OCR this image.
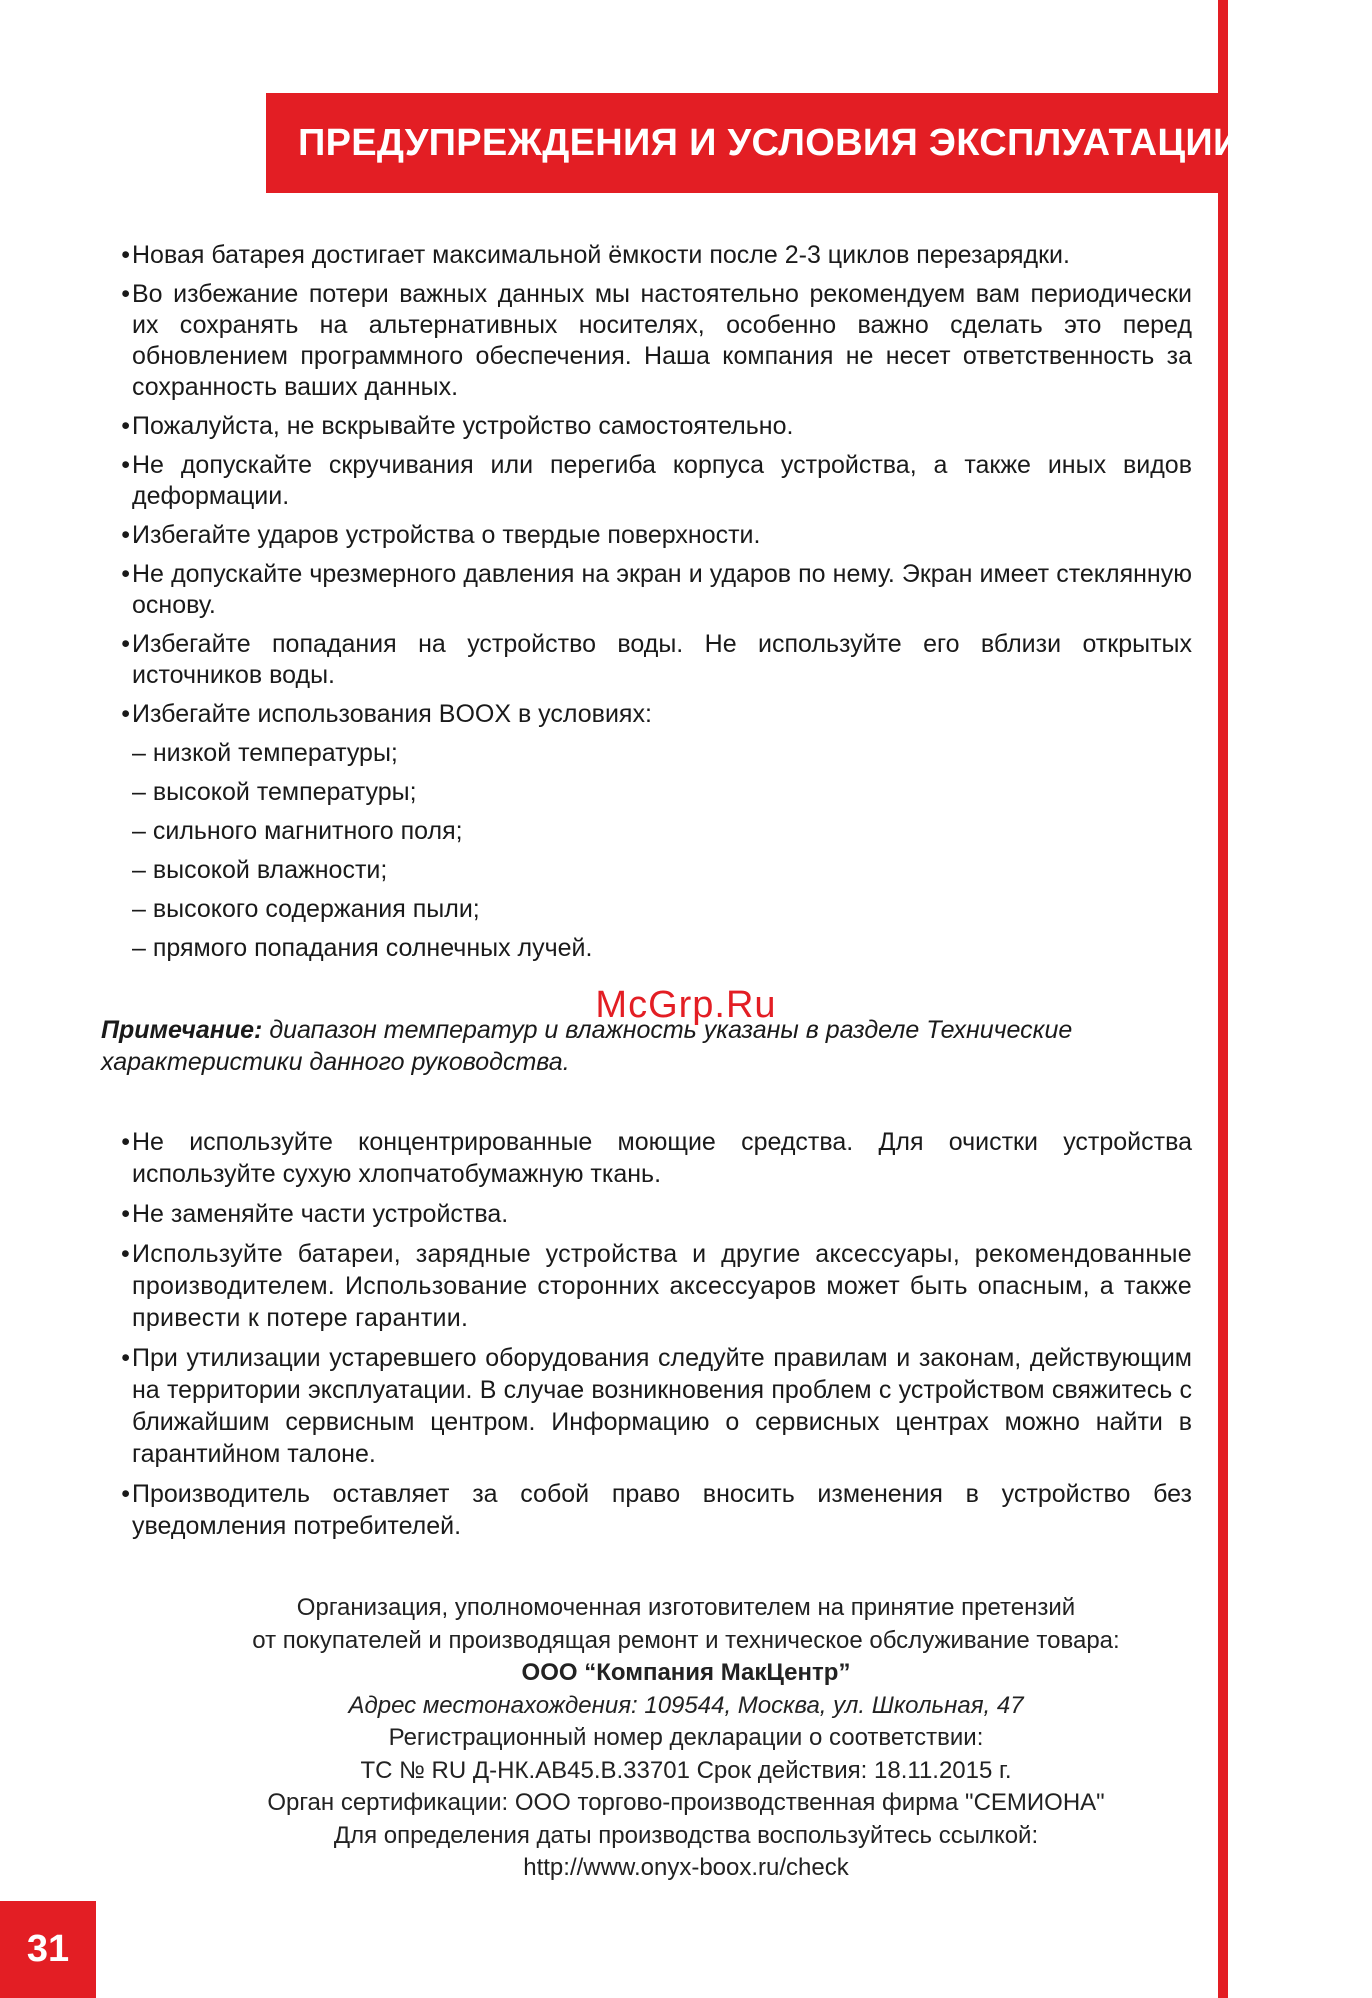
ПРЕДУПРЕЖДЕНИЯ И УСЛОВИЯ ЭКСПЛУАТАЦИИ
• Новая батарея достигает максимальной ёмкости после 2-3 циклов перезарядки.
• Во избежание потери важных данных мы настоятельно рекомендуем вам периодически их сохранять на альтернативных носителях, особенно важно сделать это перед обновлением программного обеспечения. Наша компания не несет ответственность за сохранность ваших данных.
• Пожалуйста, не вскрывайте устройство самостоятельно.
• Не допускайте скручивания или перегиба корпуса устройства, а также иных видов деформации.
• Избегайте ударов устройства о твердые поверхности.
• Не допускайте чрезмерного давления на экран и ударов по нему. Экран имеет стеклянную основу.
• Избегайте попадания на устройство воды. Не используйте его вблизи открытых источников воды.
• Избегайте использования BOOX в условиях:
– низкой температуры;
– высокой температуры;
– сильного магнитного поля;
– высокой влажности;
– высокого содержания пыли;
– прямого попадания солнечных лучей.
McGrp.Ru
Примечание: диапазон температур и влажность указаны в разделе Технические характеристики данного руководства.
• Не используйте концентрированные моющие средства. Для очистки устройства используйте сухую хлопчатобумажную ткань.
• Не заменяйте части устройства.
• Используйте батареи, зарядные устройства и другие аксессуары, рекомендованные производителем. Использование сторонних аксессуаров может быть опасным, а также привести к потере гарантии.
• При утилизации устаревшего оборудования следуйте правилам и законам, действующим на территории эксплуатации. В случае возникновения проблем с устройством свяжитесь с ближайшим сервисным центром. Информацию о сервисных центрах можно найти в гарантийном талоне.
• Производитель оставляет за собой право вносить изменения в устройство без уведомления потребителей.
Организация, уполномоченная изготовителем на принятие претензий
от покупателей и производящая ремонт и техническое обслуживание товара:
ООО “Компания МакЦентр”
Адрес местонахождения: 109544, Москва, ул. Школьная, 47
Регистрационный номер декларации о соответствии:
ТС № RU Д-НК.АВ45.В.33701 Срок действия: 18.11.2015 г.
Орган сертификации: ООО торгово-производственная фирма "СЕМИОНА"
Для определения даты производства воспользуйтесь ссылкой:
http://www.onyx-boox.ru/check
31
